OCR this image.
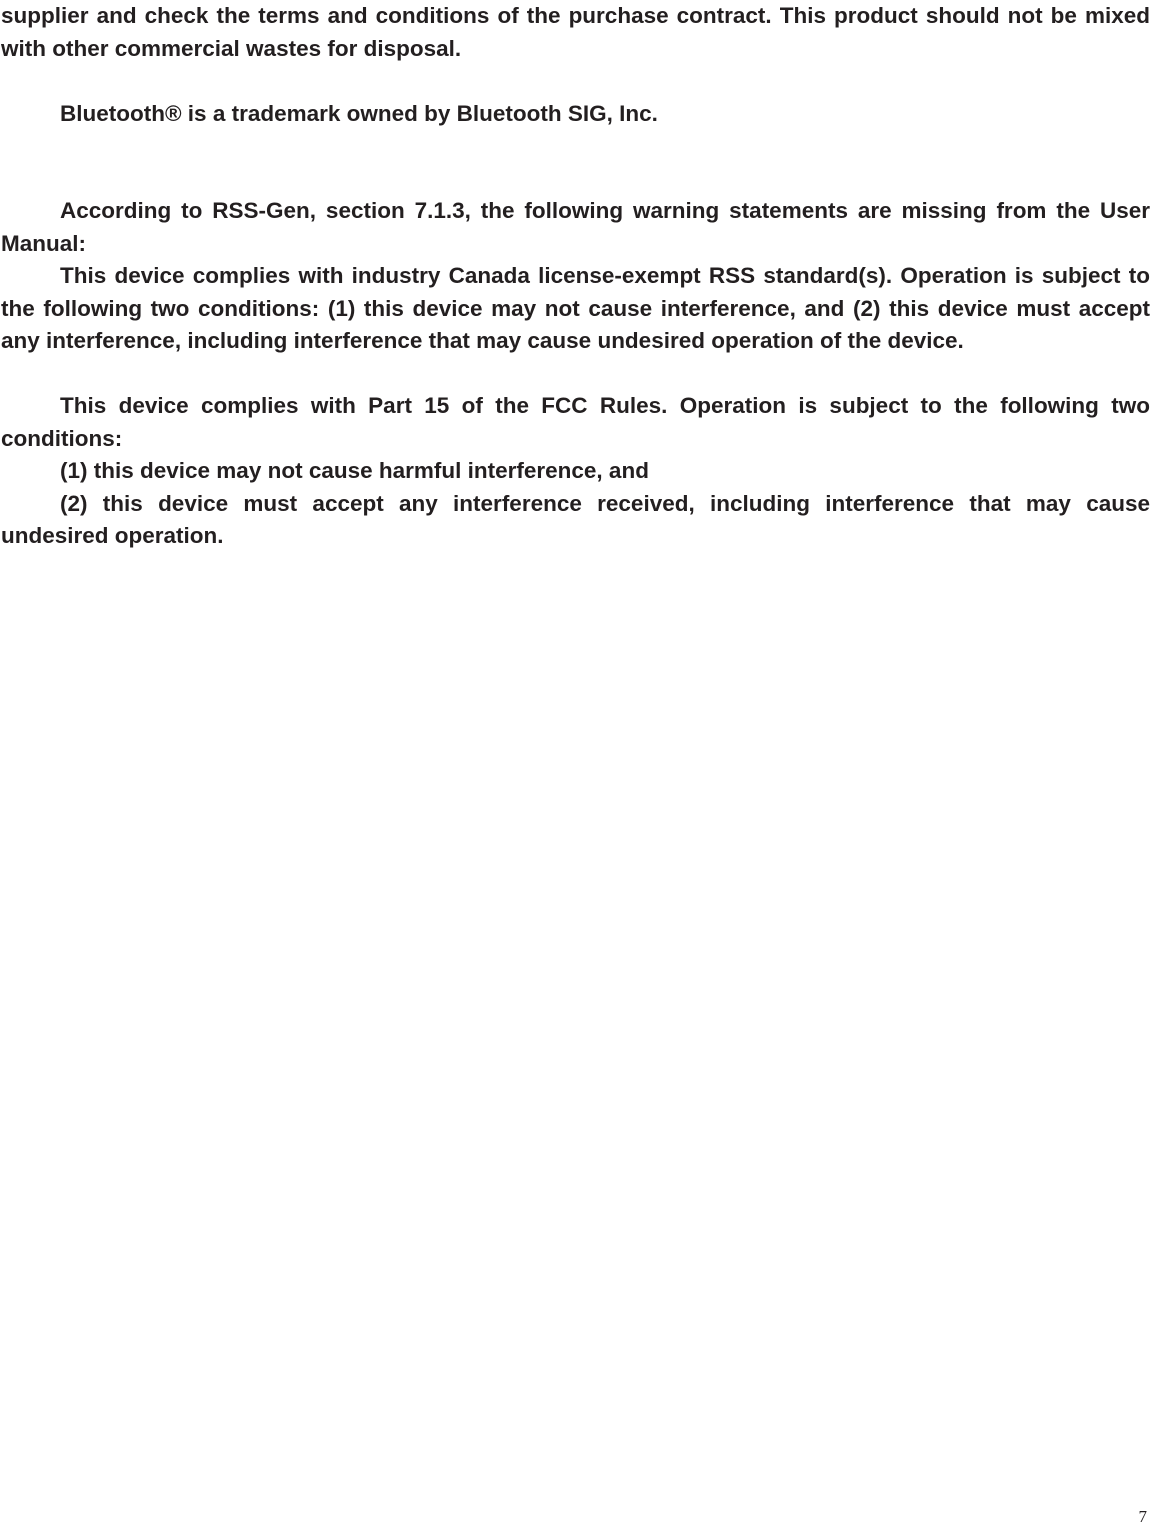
supplier and check the terms and conditions of the purchase contract. This product should not be mixed with other commercial wastes for disposal.

Bluetooth® is a trademark owned by Bluetooth SIG, Inc.

According to RSS-Gen, section 7.1.3, the following warning statements are missing from the User Manual:

This device complies with industry Canada license-exempt RSS standard(s). Operation is subject to the following two conditions: (1) this device may not cause interference, and (2) this device must accept any interference, including interference that may cause undesired operation of the device.

This device complies with Part 15 of the FCC Rules. Operation is subject to the following two conditions:

(1) this device may not cause harmful interference, and

(2) this device must accept any interference received, including interference that may cause undesired operation.

7
